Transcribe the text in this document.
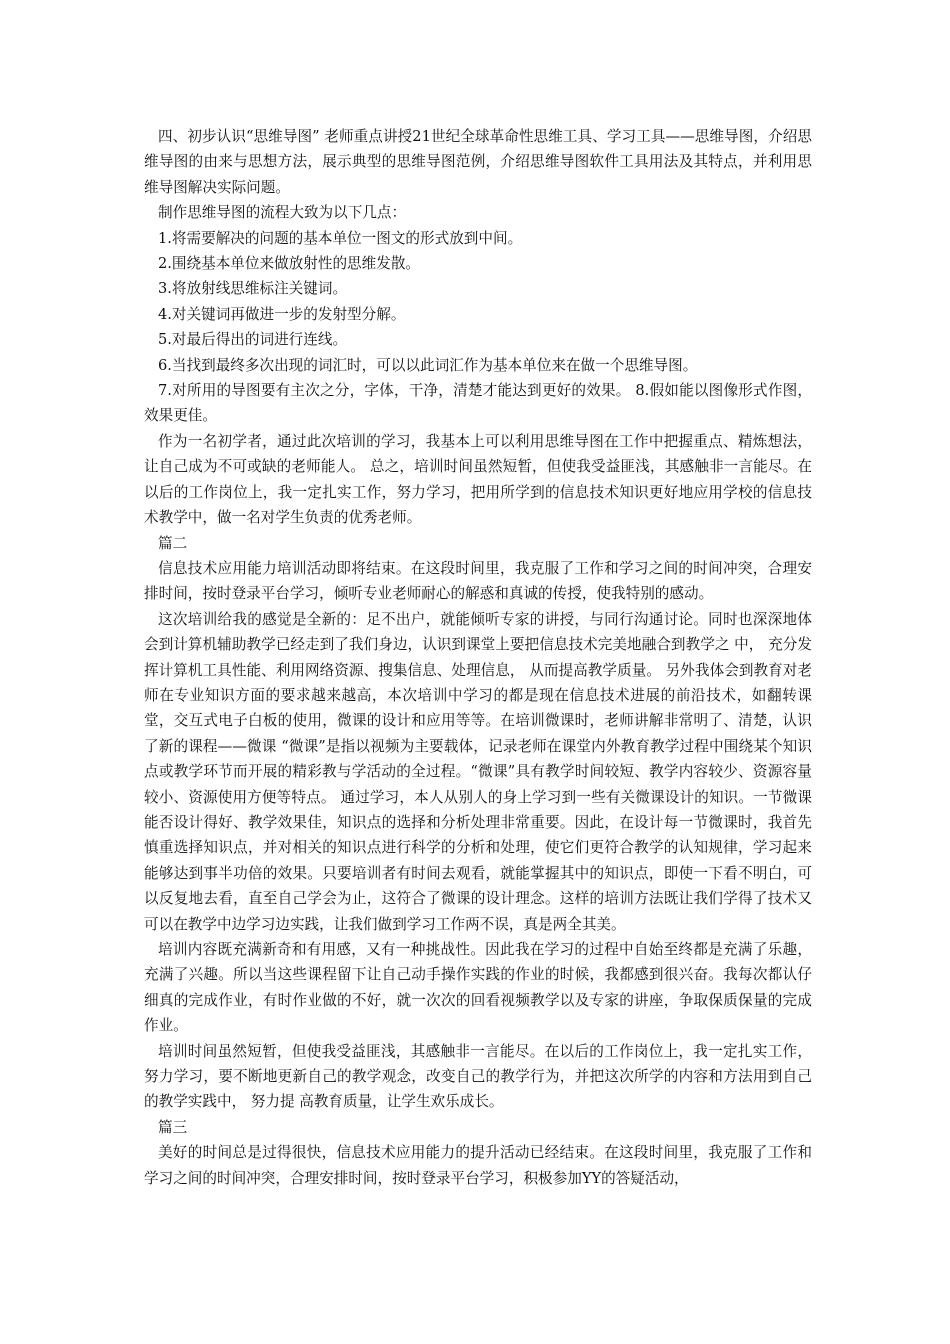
四、初步认识“思维导图” 老师重点讲授21世纪全球革命性思维工具、学习工具——思维导图，介绍思维导图的由来与思想方法，展示典型的思维导图范例，介绍思维导图软件工具用法及其特点，并利用思维导图解决实际问题。

制作思维导图的流程大致为以下几点：

1.将需要解决的问题的基本单位一图文的形式放到中间。

2.围绕基本单位来做放射性的思维发散。

3.将放射线思维标注关键词。

4.对关键词再做进一步的发射型分解。

5.对最后得出的词进行连线。

6.当找到最终多次出现的词汇时，可以以此词汇作为基本单位来在做一个思维导图。

7.对所用的导图要有主次之分，字体，干净，清楚才能达到更好的效果。 8.假如能以图像形式作图，效果更佳。

作为一名初学者，通过此次培训的学习，我基本上可以利用思维导图在工作中把握重点、精炼想法，让自己成为不可或缺的老师能人。 总之，培训时间虽然短暂，但使我受益匪浅，其感触非一言能尽。在以后的工作岗位上，我一定扎实工作，努力学习，把用所学到的信息技术知识更好地应用学校的信息技术教学中，做一名对学生负责的优秀老师。

篇二

信息技术应用能力培训活动即将结束。在这段时间里，我克服了工作和学习之间的时间冲突，合理安排时间，按时登录平台学习，倾听专业老师耐心的解惑和真诚的传授，使我特别的感动。

这次培训给我的感觉是全新的：足不出户，就能倾听专家的讲授，与同行沟通讨论。同时也深深地体会到计算机辅助教学已经走到了我们身边，认识到课堂上要把信息技术完美地融合到教学之 中， 充分发挥计算机工具性能、利用网络资源、搜集信息、处理信息， 从而提高教学质量。 另外我体会到教育对老师在专业知识方面的要求越来越高，本次培训中学习的都是现在信息技术进展的前沿技术，如翻转课堂，交互式电子白板的使用，微课的设计和应用等等。在培训微课时，老师讲解非常明了、清楚，认识了新的课程——微课 “微课”是指以视频为主要载体，记录老师在课堂内外教育教学过程中围绕某个知识点或教学环节而开展的精彩教与学活动的全过程。“微课”具有教学时间较短、教学内容较少、资源容量较小、资源使用方便等特点。 通过学习，本人从别人的身上学习到一些有关微课设计的知识。一节微课能否设计得好、教学效果佳，知识点的选择和分析处理非常重要。因此，在设计每一节微课时，我首先慎重选择知识点，并对相关的知识点进行科学的分析和处理，使它们更符合教学的认知规律，学习起来能够达到事半功倍的效果。只要培训者有时间去观看，就能掌握其中的知识点，即使一下看不明白，可以反复地去看，直至自己学会为止，这符合了微课的设计理念。这样的培训方法既让我们学得了技术又可以在教学中边学习边实践，让我们做到学习工作两不误，真是两全其美。

培训内容既充满新奇和有用感，又有一种挑战性。因此我在学习的过程中自始至终都是充满了乐趣，充满了兴趣。所以当这些课程留下让自己动手操作实践的作业的时候，我都感到很兴奋。我每次都认仔细真的完成作业，有时作业做的不好，就一次次的回看视频教学以及专家的讲座，争取保质保量的完成作业。

培训时间虽然短暂，但使我受益匪浅，其感触非一言能尽。在以后的工作岗位上，我一定扎实工作，努力学习，要不断地更新自己的教学观念，改变自己的教学行为，并把这次所学的内容和方法用到自己的教学实践中， 努力提 高教育质量，让学生欢乐成长。

篇三

美好的时间总是过得很快，信息技术应用能力的提升活动已经结束。在这段时间里，我克服了工作和学习之间的时间冲突，合理安排时间，按时登录平台学习，积极参加YY的答疑活动，
